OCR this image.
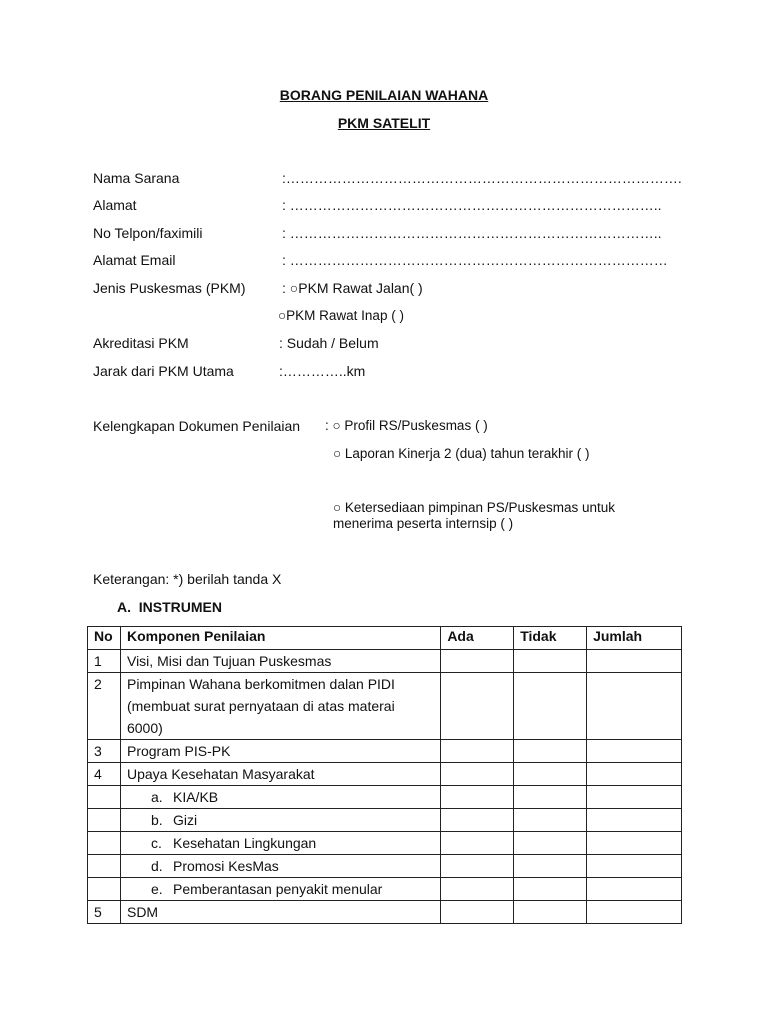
BORANG PENILAIAN WAHANA
PKM SATELIT
Nama Sarana	:………………………………………………………………………….
Alamat	: ……………………………………………………………………..
No Telpon/faximili	: ……………………………………………………………………..
Alamat Email	: ………………………………………………………………………
Jenis Puskesmas (PKM)	: ○PKM Rawat Jalan( )
○PKM Rawat Inap ( )
Akreditasi PKM	: Sudah / Belum
Jarak dari PKM Utama	:…………..km
Kelengkapan Dokumen Penilaian : ○ Profil RS/Puskesmas ( )
○ Laporan Kinerja 2 (dua) tahun terakhir ( )
○ Ketersediaan pimpinan PS/Puskesmas untuk
menerima peserta internsip ( )
Keterangan: *) berilah tanda X
A. INSTRUMEN
No	Komponen Penilaian	Ada	Tidak	Jumlah
1	Visi, Misi dan Tujuan Puskesmas			
2	Pimpinan Wahana berkomitmen dalan PIDI
(membuat surat pernyataan di atas materai
6000)			

3	Program PIS-PK			
4	Upaya Kesehatan Masyarakat			
	a. KIA/KB			
	b. Gizi			
	c. Kesehatan Lingkungan			
	d. Promosi KesMas			
	e. Pemberantasan penyakit menular			
5	SDM			
